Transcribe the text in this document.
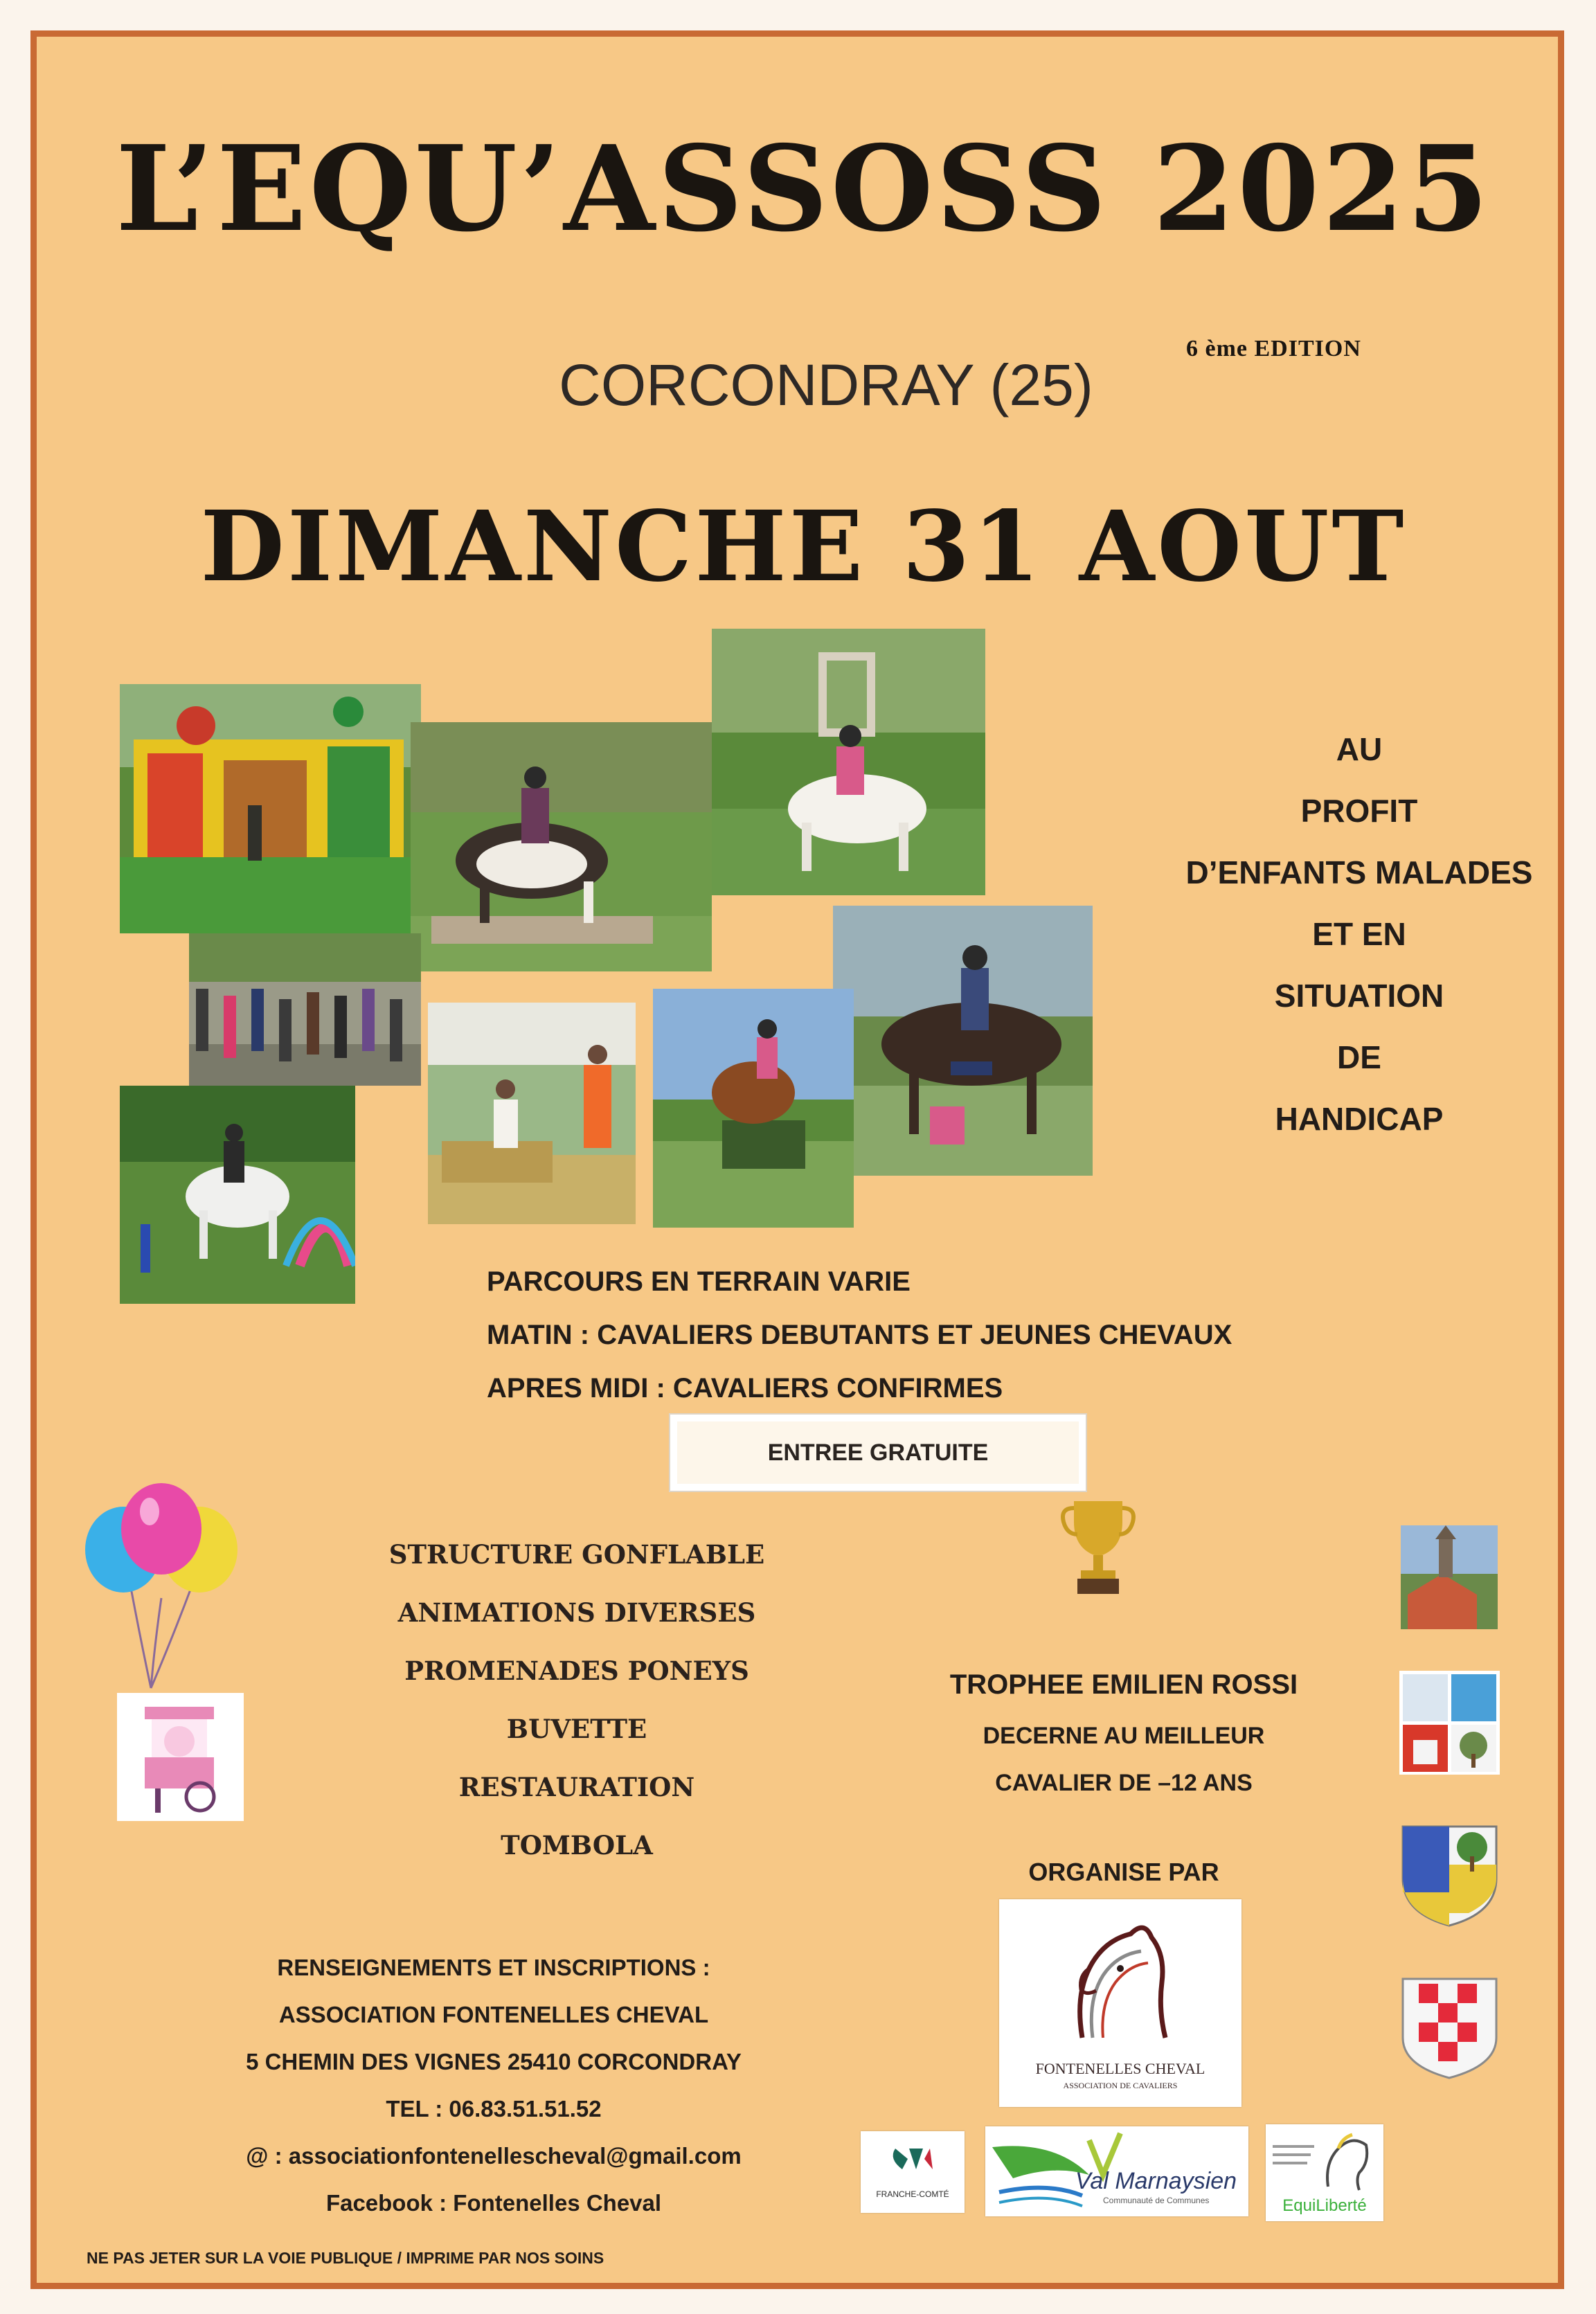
L’EQU’ASSOSS 2025
6 ème EDITION
CORCONDRAY (25)
DIMANCHE 31 AOUT
AU
PROFIT
D’ENFANTS MALADES
ET EN
SITUATION
DE
HANDICAP
PARCOURS EN TERRAIN VARIE
MATIN : CAVALIERS DEBUTANTS ET JEUNES CHEVAUX
APRES MIDI : CAVALIERS CONFIRMES
ENTREE GRATUITE
STRUCTURE GONFLABLE
ANIMATIONS DIVERSES
PROMENADES PONEYS
BUVETTE
RESTAURATION
TOMBOLA
TROPHEE EMILIEN ROSSI
DECERNE AU MEILLEUR
CAVALIER DE –12 ANS
ORGANISE PAR
FONTENELLES CHEVAL
ASSOCIATION DE CAVALIERS
RENSEIGNEMENTS ET INSCRIPTIONS :
ASSOCIATION FONTENELLES CHEVAL
5 CHEMIN DES VIGNES 25410 CORCONDRAY
TEL : 06.83.51.51.52
@ : associationfontenellescheval@gmail.com
Facebook : Fontenelles Cheval	FRANCHE-COMTÉ	Val Marnaysien
Communauté de Communes	EquiLiberté
NE PAS JETER SUR LA VOIE PUBLIQUE / IMPRIME PAR NOS SOINS
